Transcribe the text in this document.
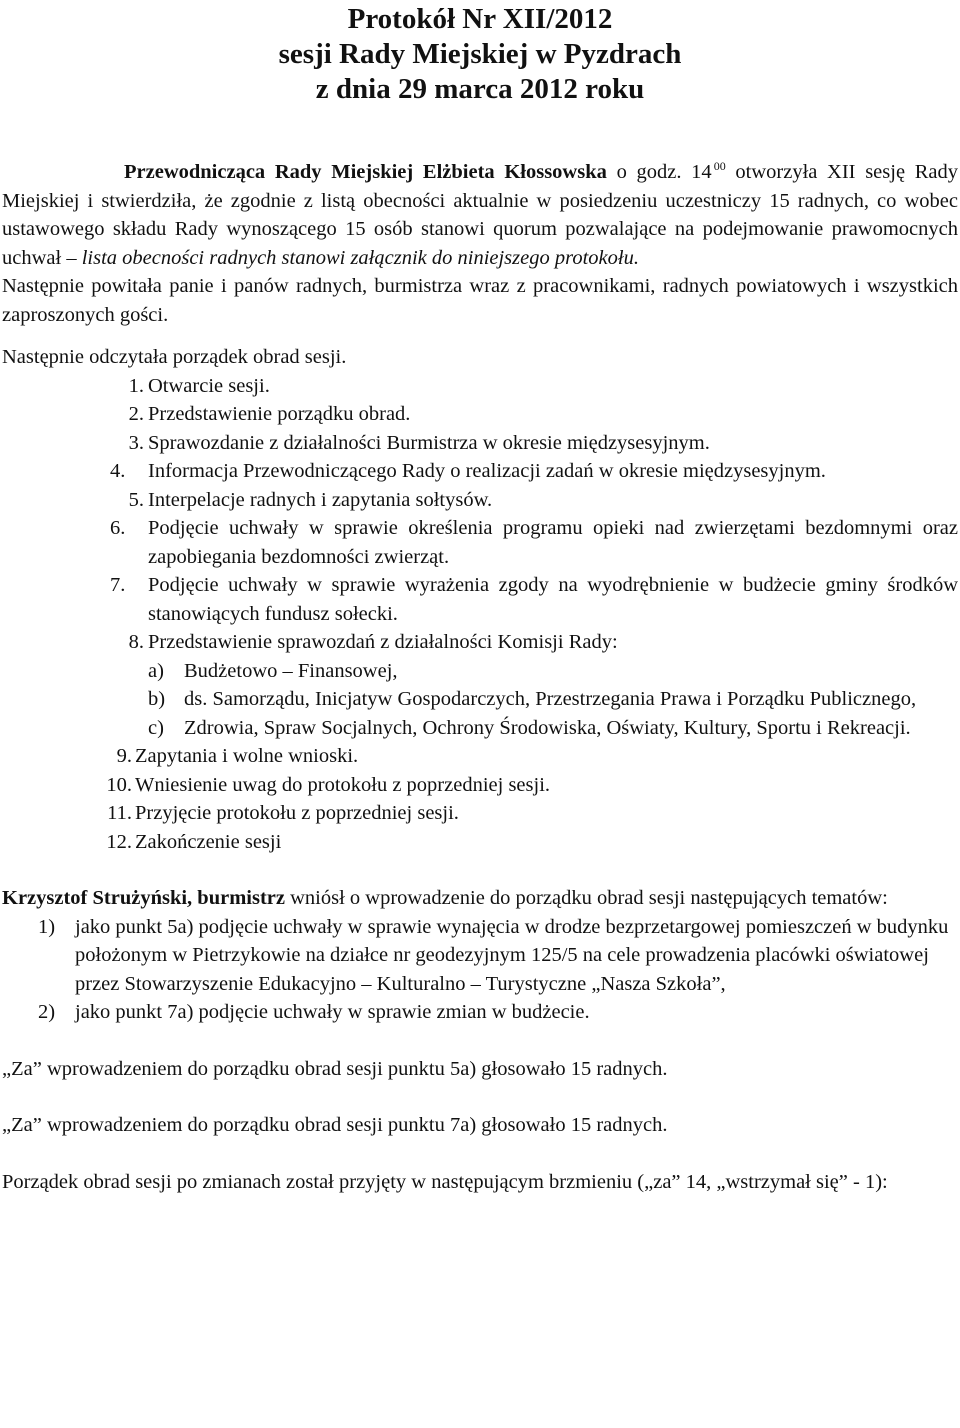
Protokół Nr XII/2012
sesji Rady Miejskiej w Pyzdrach
z dnia 29 marca 2012 roku

Przewodnicząca Rady Miejskiej Elżbieta Kłossowska o godz. 14 $^{00}$ otworzyła XII sesję Rady Miejskiej i stwierdziła, że zgodnie z listą obecności aktualnie w posiedzeniu uczestniczy 15 radnych, co wobec ustawowego składu Rady wynoszącego 15 osób stanowi quorum pozwalające na podejmowanie prawomocnych uchwał – lista obecności radnych stanowi załącznik do niniejszego protokołu.

Następnie powitała panie i panów radnych, burmistrza wraz z pracownikami, radnych powiatowych i wszystkich zaproszonych gości.

Następnie odczytała porządek obrad sesji.

1. Otwarcie sesji.
2. Przedstawienie porządku obrad.
3. Sprawozdanie z działalności Burmistrza w okresie międzysesyjnym.
4.	Informacja Przewodniczącego Rady o realizacji zadań w okresie międzysesyjnym.
5. Interpelacje radnych i zapytania sołtysów.
6.	Podjęcie uchwały w sprawie określenia programu opieki nad zwierzętami bezdomnymi oraz zapobiegania bezdomności zwierząt.
7.	Podjęcie uchwały w sprawie wyrażenia zgody na wyodrębnienie w budżecie gminy środków stanowiących fundusz sołecki.
8. Przedstawienie sprawozdań z działalności Komisji Rady:
a) Budżetowo – Finansowej,
b) ds. Samorządu, Inicjatyw Gospodarczych, Przestrzegania Prawa i Porządku Publicznego,
c) Zdrowia, Spraw Socjalnych, Ochrony Środowiska, Oświaty, Kultury, Sportu i Rekreacji.
9. Zapytania i wolne wnioski.
10. Wniesienie uwag do protokołu z poprzedniej sesji.
11. Przyjęcie protokołu z poprzedniej sesji.
12. Zakończenie sesji

Krzysztof Strużyński, burmistrz wniósł o wprowadzenie do porządku obrad sesji następujących tematów:

1) jako punkt 5a) podjęcie uchwały w sprawie wynajęcia w drodze bezprzetargowej pomieszczeń w budynku położonym w Pietrzykowie na działce nr geodezyjnym 125/5 na cele prowadzenia placówki oświatowej przez Stowarzyszenie Edukacyjno – Kulturalno – Turystyczne „Nasza Szkoła”,
2) jako punkt 7a) podjęcie uchwały w sprawie zmian w budżecie.

„Za” wprowadzeniem do porządku obrad sesji punktu 5a) głosowało 15 radnych.

„Za” wprowadzeniem do porządku obrad sesji punktu 7a) głosowało 15 radnych.

Porządek obrad sesji po zmianach został przyjęty w następującym brzmieniu („za” 14, „wstrzymał się” - 1):
